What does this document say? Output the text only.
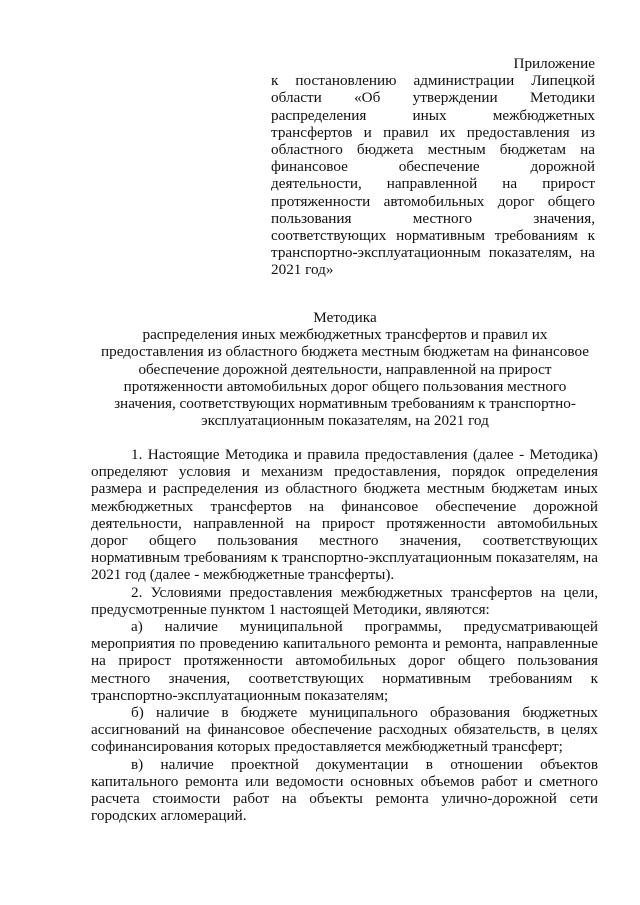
Приложение
к постановлению администрации Липецкой области «Об утверждении Методики распределения иных межбюджетных трансфертов и правил их предоставления из областного бюджета местным бюджетам на финансовое обеспечение дорожной деятельности, направленной на прирост протяженности автомобильных дорог общего пользования местного значения, соответствующих нормативным требованиям к транспортно-эксплуатационным показателям, на 2021 год»
Методика
распределения иных межбюджетных трансфертов и правил их предоставления из областного бюджета местным бюджетам на финансовое обеспечение дорожной деятельности, направленной на прирост протяженности автомобильных дорог общего пользования местного значения, соответствующих нормативным требованиям к транспортно-эксплуатационным показателям, на 2021 год

1. Настоящие Методика и правила предоставления (далее - Методика) определяют условия и механизм предоставления, порядок определения размера и распределения из областного бюджета местным бюджетам иных межбюджетных трансфертов на финансовое обеспечение дорожной деятельности, направленной на прирост протяженности автомобильных дорог общего пользования местного значения, соответствующих нормативным требованиям к транспортно-эксплуатационным показателям, на 2021 год (далее - межбюджетные трансферты).

2. Условиями предоставления межбюджетных трансфертов на цели, предусмотренные пунктом 1 настоящей Методики, являются:

а) наличие муниципальной программы, предусматривающей мероприятия по проведению капитального ремонта и ремонта, направленные на прирост протяженности автомобильных дорог общего пользования местного значения, соответствующих нормативным требованиям к транспортно-эксплуатационным показателям;

б) наличие в бюджете муниципального образования бюджетных ассигнований на финансовое обеспечение расходных обязательств, в целях софинансирования которых предоставляется межбюджетный трансферт;

в) наличие проектной документации в отношении объектов капитального ремонта или ведомости основных объемов работ и сметного расчета стоимости работ на объекты ремонта улично-дорожной сети городских агломераций.
